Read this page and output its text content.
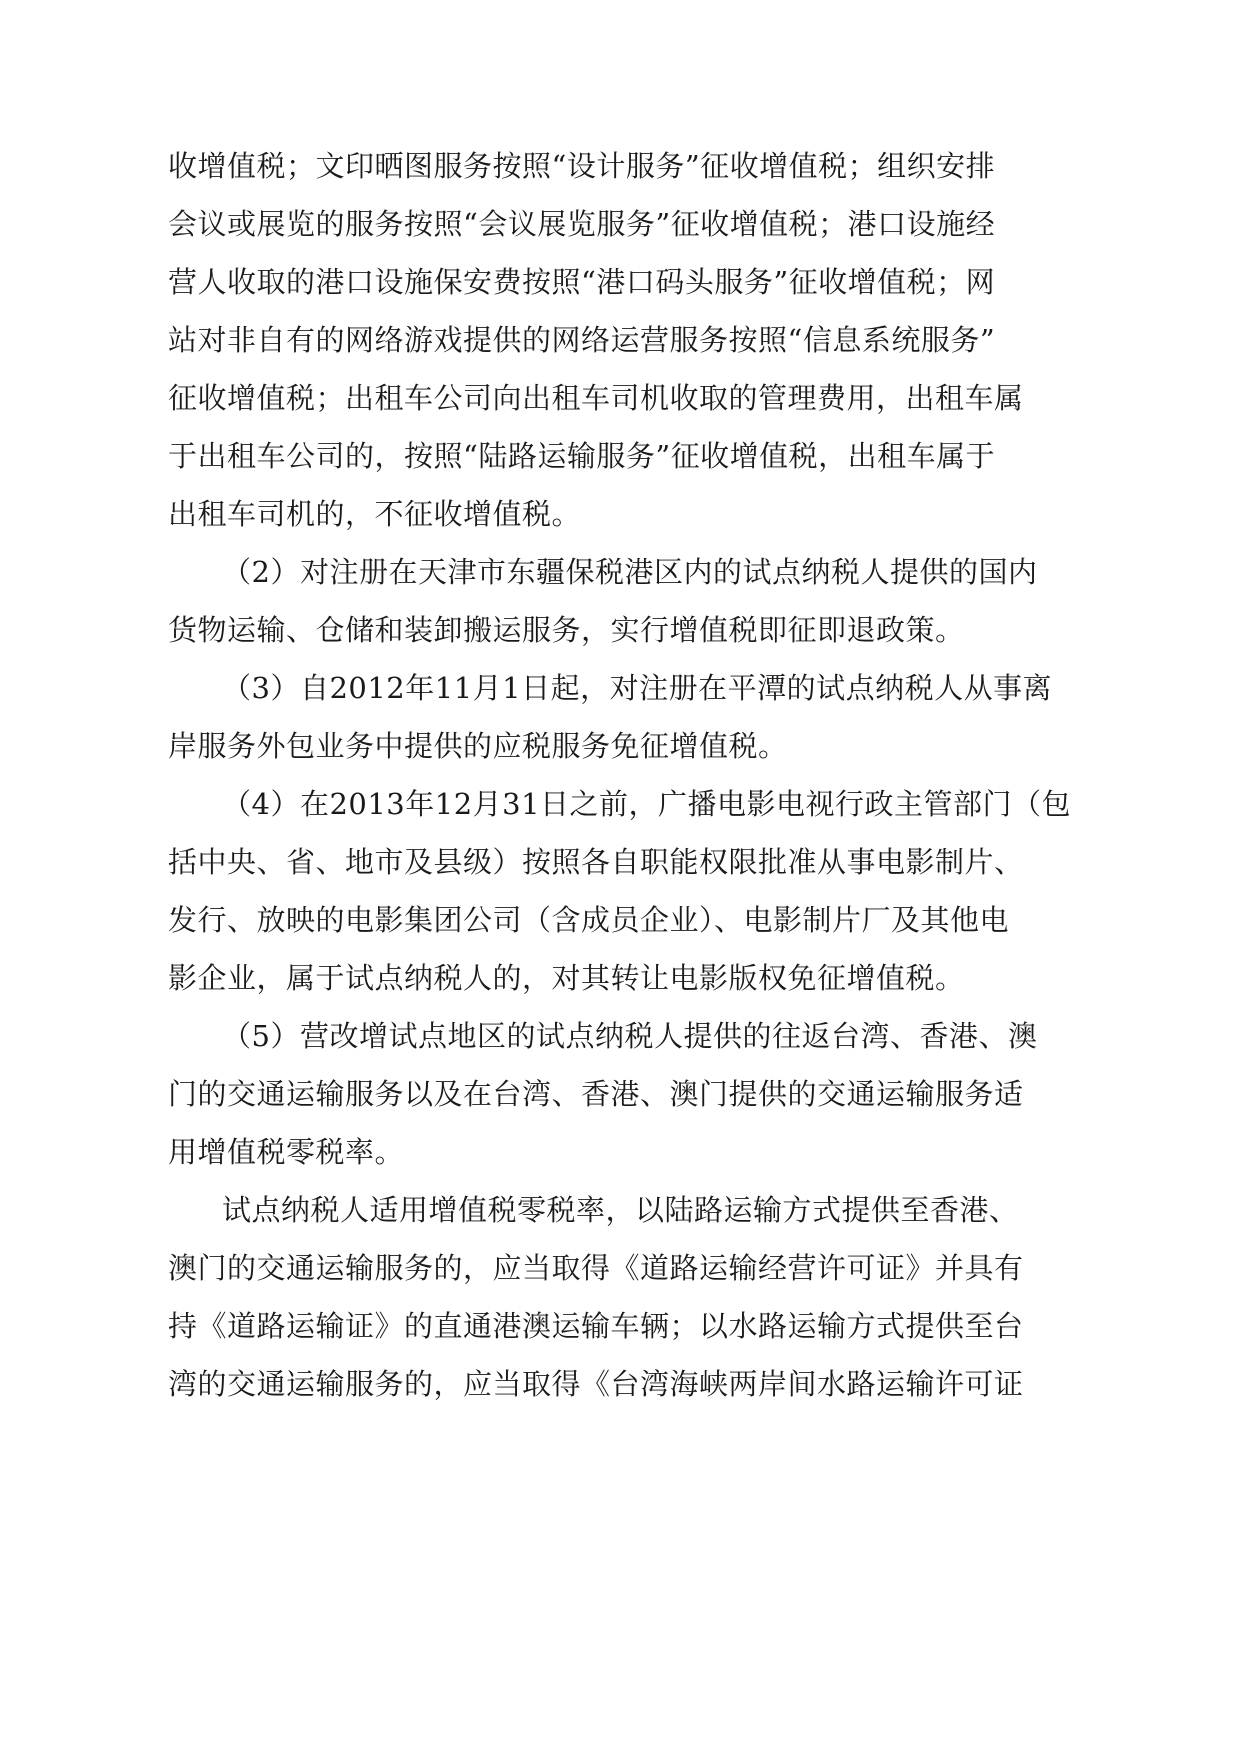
收增值税；文印晒图服务按照“设计服务”征收增值税；组织安排
会议或展览的服务按照“会议展览服务”征收增值税；港口设施经
营人收取的港口设施保安费按照“港口码头服务”征收增值税；网
站对非自有的网络游戏提供的网络运营服务按照“信息系统服务”
征收增值税；出租车公司向出租车司机收取的管理费用，出租车属
于出租车公司的，按照“陆路运输服务”征收增值税，出租车属于
出租车司机的，不征收增值税。
（2）对注册在天津市东疆保税港区内的试点纳税人提供的国内
货物运输、仓储和装卸搬运服务，实行增值税即征即退政策。
（3）自2012年11月1日起，对注册在平潭的试点纳税人从事离
岸服务外包业务中提供的应税服务免征增值税。
（4）在2013年12月31日之前，广播电影电视行政主管部门（包
括中央、省、地市及县级）按照各自职能权限批准从事电影制片、
发行、放映的电影集团公司（含成员企业）、电影制片厂及其他电
影企业，属于试点纳税人的，对其转让电影版权免征增值税。
（5）营改增试点地区的试点纳税人提供的往返台湾、香港、澳
门的交通运输服务以及在台湾、香港、澳门提供的交通运输服务适
用增值税零税率。
试点纳税人适用增值税零税率，以陆路运输方式提供至香港、
澳门的交通运输服务的，应当取得《道路运输经营许可证》并具有
持《道路运输证》的直通港澳运输车辆；以水路运输方式提供至台
湾的交通运输服务的，应当取得《台湾海峡两岸间水路运输许可证
